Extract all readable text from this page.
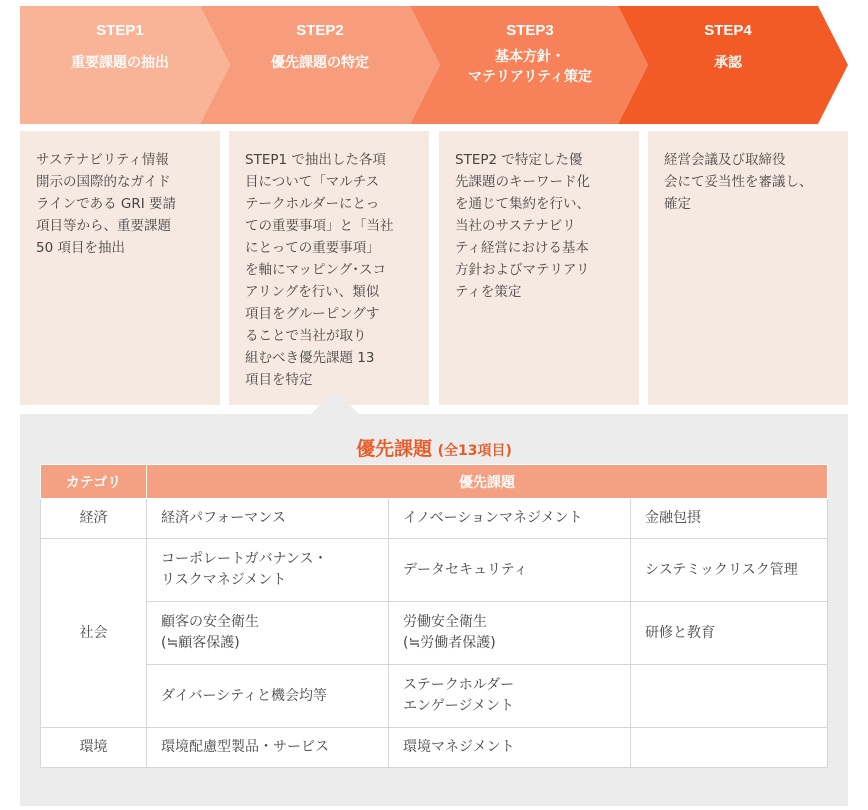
STEP1
重要課題の抽出
STEP2
優先課題の特定
STEP3
基本方針・
マテリアリティ策定
STEP4
承認
サステナビリティ情報
開示の国際的なガイド
ラインである GRI 要請
項目等から、重要課題
50 項目を抽出
STEP1 で抽出した各項
目について「マルチス
テークホルダーにとっ
ての重要事項」と「当社
にとっての重要事項」
を軸にマッピング･スコ
アリングを行い、類似
項目をグルーピングす
ることで当社が取り
組むべき優先課題 13
項目を特定
STEP2 で特定した優
先課題のキーワード化
を通じて集約を行い、
当社のサステナビリ
ティ経営における基本
方針およびマテリアリ
ティを策定
経営会議及び取締役
会にて妥当性を審議し、
確定
優先課題 (全13項目)
カテゴリ	優先課題		
経済	経済パフォーマンス	イノベーションマネジメント	金融包摂
社会	コーポレートガバナンス・
リスクマネジメント	データセキュリティ	システミックリスク管理
	顧客の安全衛生
(≒顧客保護)	労働安全衛生
(≒労働者保護)	研修と教育
	ダイバーシティと機会均等	ステークホルダー
エンゲージメント	
環境	環境配慮型製品・サービス	環境マネジメント	
